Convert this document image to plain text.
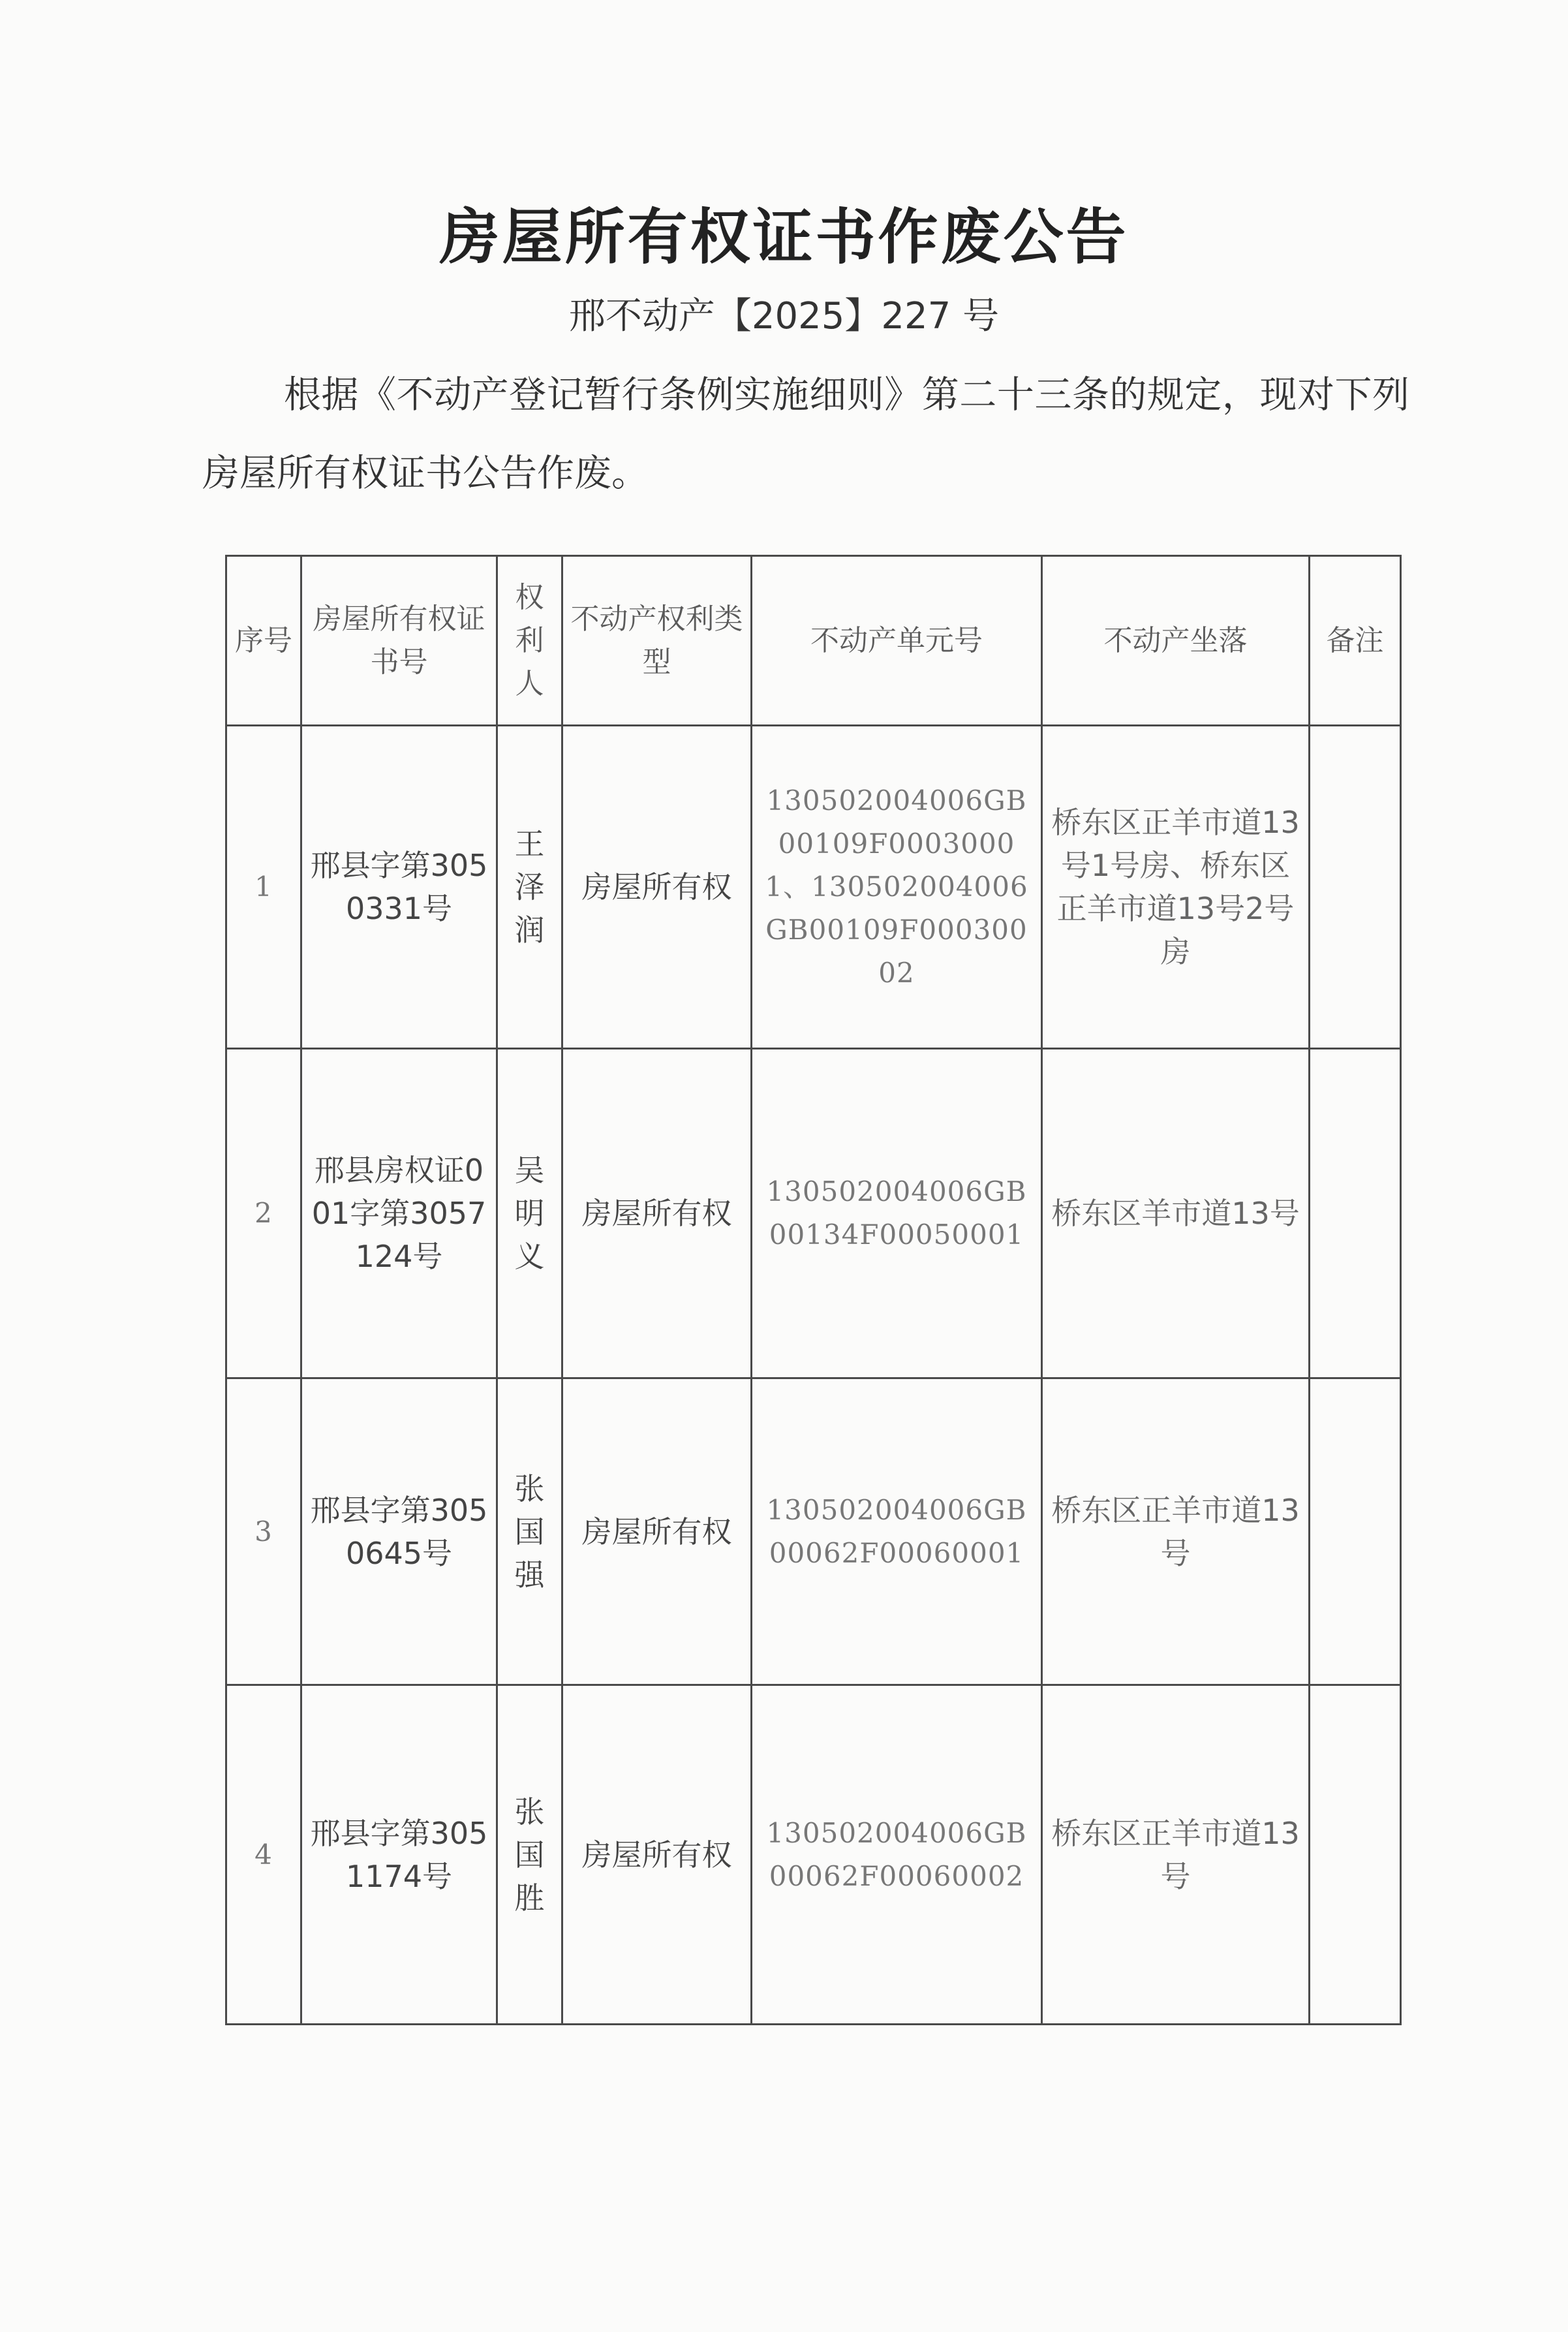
房屋所有权证书作废公告
邢不动产【2025】227 号
根据《不动产登记暂行条例实施细则》第二十三条的规定，现对下列房屋所有权证书公告作废。
序号	房屋所有权证书号	权利人	不动产权利类型	不动产单元号	不动产坐落	备注
1	邢县字第3050331号	王泽润	房屋所有权	130502004006GB00109F00030001、130502004006GB00109F00030002	桥东区正羊市道13号1号房、桥东区正羊市道13号2号房	
2	邢县房权证001字第3057124号	吴明义	房屋所有权	130502004006GB00134F00050001	桥东区羊市道13号	
3	邢县字第3050645号	张国强	房屋所有权	130502004006GB00062F00060001	桥东区正羊市道13号	
4	邢县字第3051174号	张国胜	房屋所有权	130502004006GB00062F00060002	桥东区正羊市道13号	
